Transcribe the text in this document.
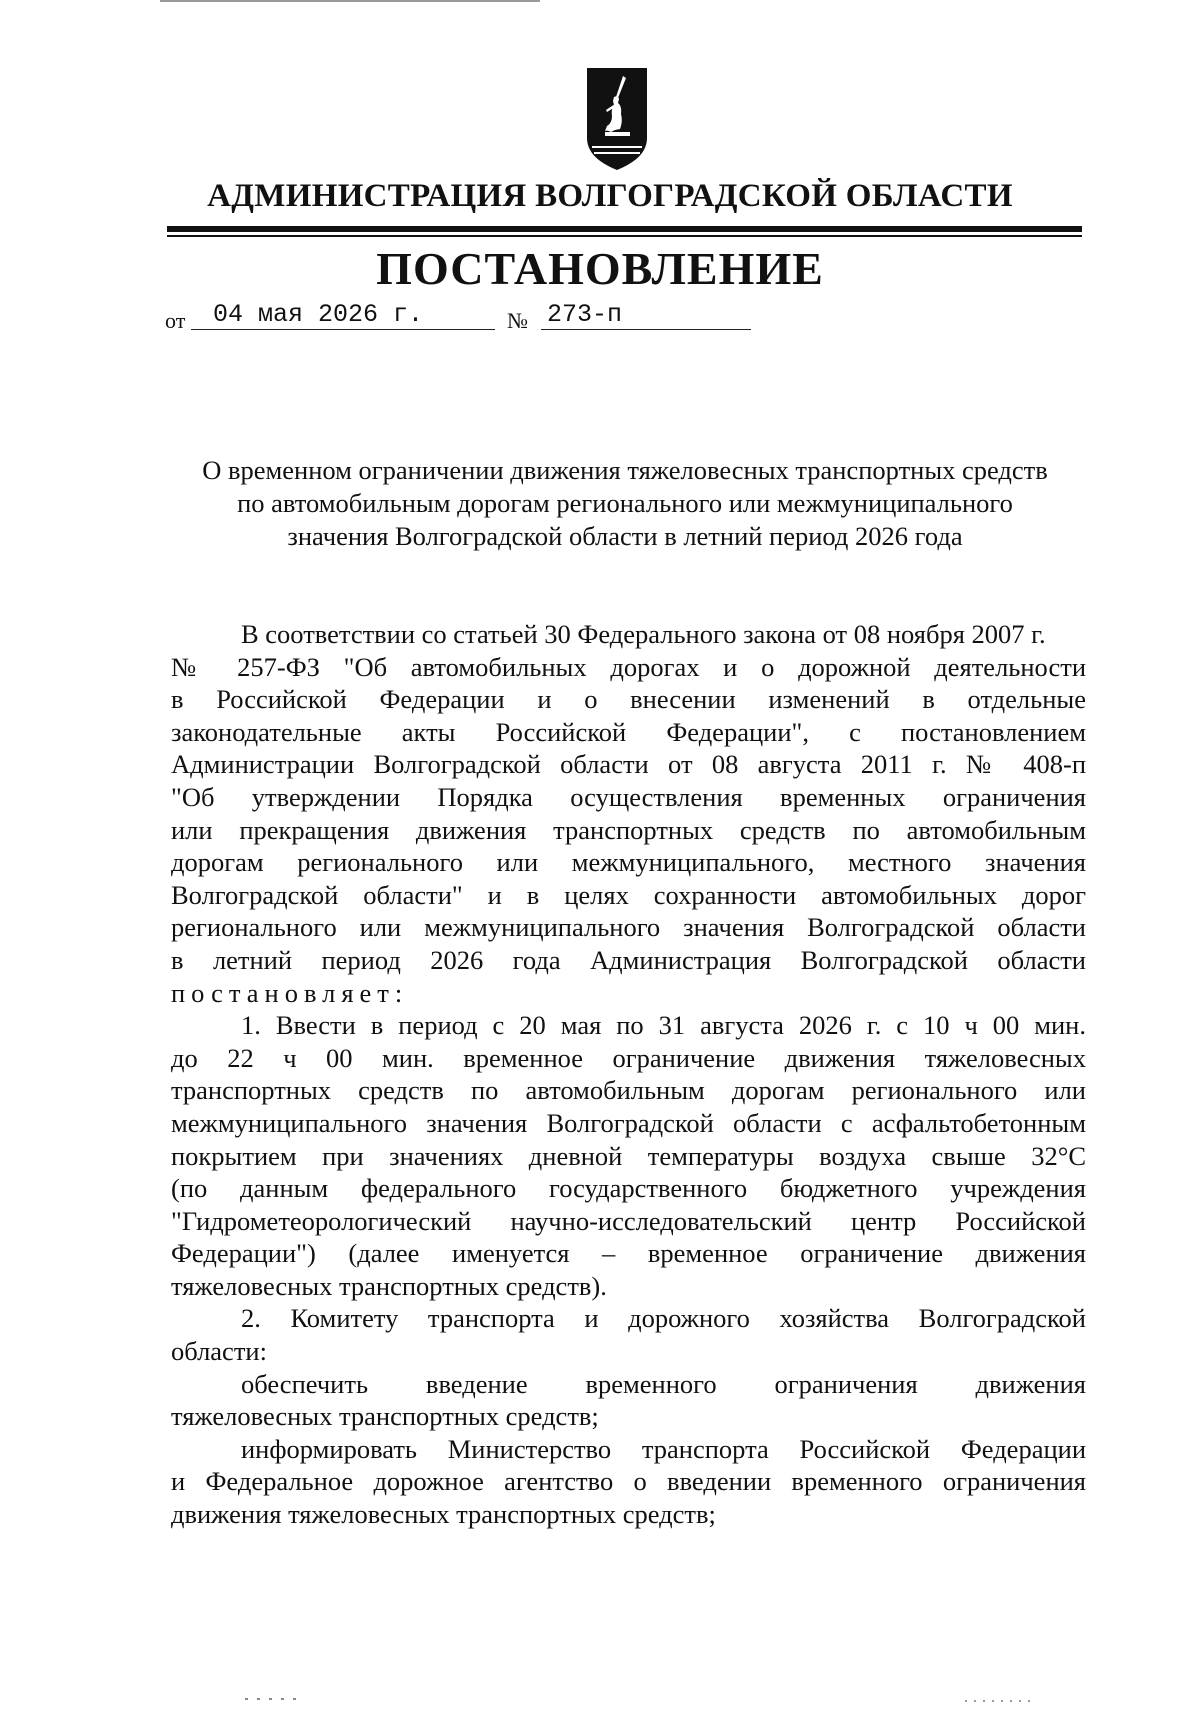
АДМИНИСТРАЦИЯ ВОЛГОГРАДСКОЙ ОБЛАСТИ
ПОСТАНОВЛЕНИЕ
от	04 мая 2026 г.	№ 273-п
О временном ограничении движения тяжеловесных транспортных средств
по автомобильным дорогам регионального или межмуниципального
значения Волгоградской области в летний период 2026 года
В соответствии со статьей 30 Федерального закона от 08 ноября 2007 г.
№ 257-ФЗ "Об автомобильных дорогах и о дорожной деятельности
в Российской Федерации и о внесении изменений в отдельные
законодательные акты Российской Федерации", с постановлением
Администрации Волгоградской области от 08 августа 2011 г. № 408-п
"Об утверждении Порядка осуществления временных ограничения
или прекращения движения транспортных средств по автомобильным
дорогам регионального или межмуниципального, местного значения
Волгоградской области" и в целях сохранности автомобильных дорог
регионального или межмуниципального значения Волгоградской области
в летний период 2026 года Администрация Волгоградской области
постановляет:
1. Ввести в период с 20 мая по 31 августа 2026 г. с 10 ч 00 мин.
до 22 ч 00 мин. временное ограничение движения тяжеловесных
транспортных средств по автомобильным дорогам регионального или
межмуниципального значения Волгоградской области с асфальтобетонным
покрытием при значениях дневной температуры воздуха свыше 32°С
(по данным федерального государственного бюджетного учреждения
"Гидрометеорологический научно-исследовательский центр Российской
Федерации") (далее именуется – временное ограничение движения
тяжеловесных транспортных средств).
2. Комитету транспорта и дорожного хозяйства Волгоградской
области:
обеспечить введение временного ограничения движения
тяжеловесных транспортных средств;
информировать Министерство транспорта Российской Федерации
и Федеральное дорожное агентство о введении временного ограничения
движения тяжеловесных транспортных средств;
